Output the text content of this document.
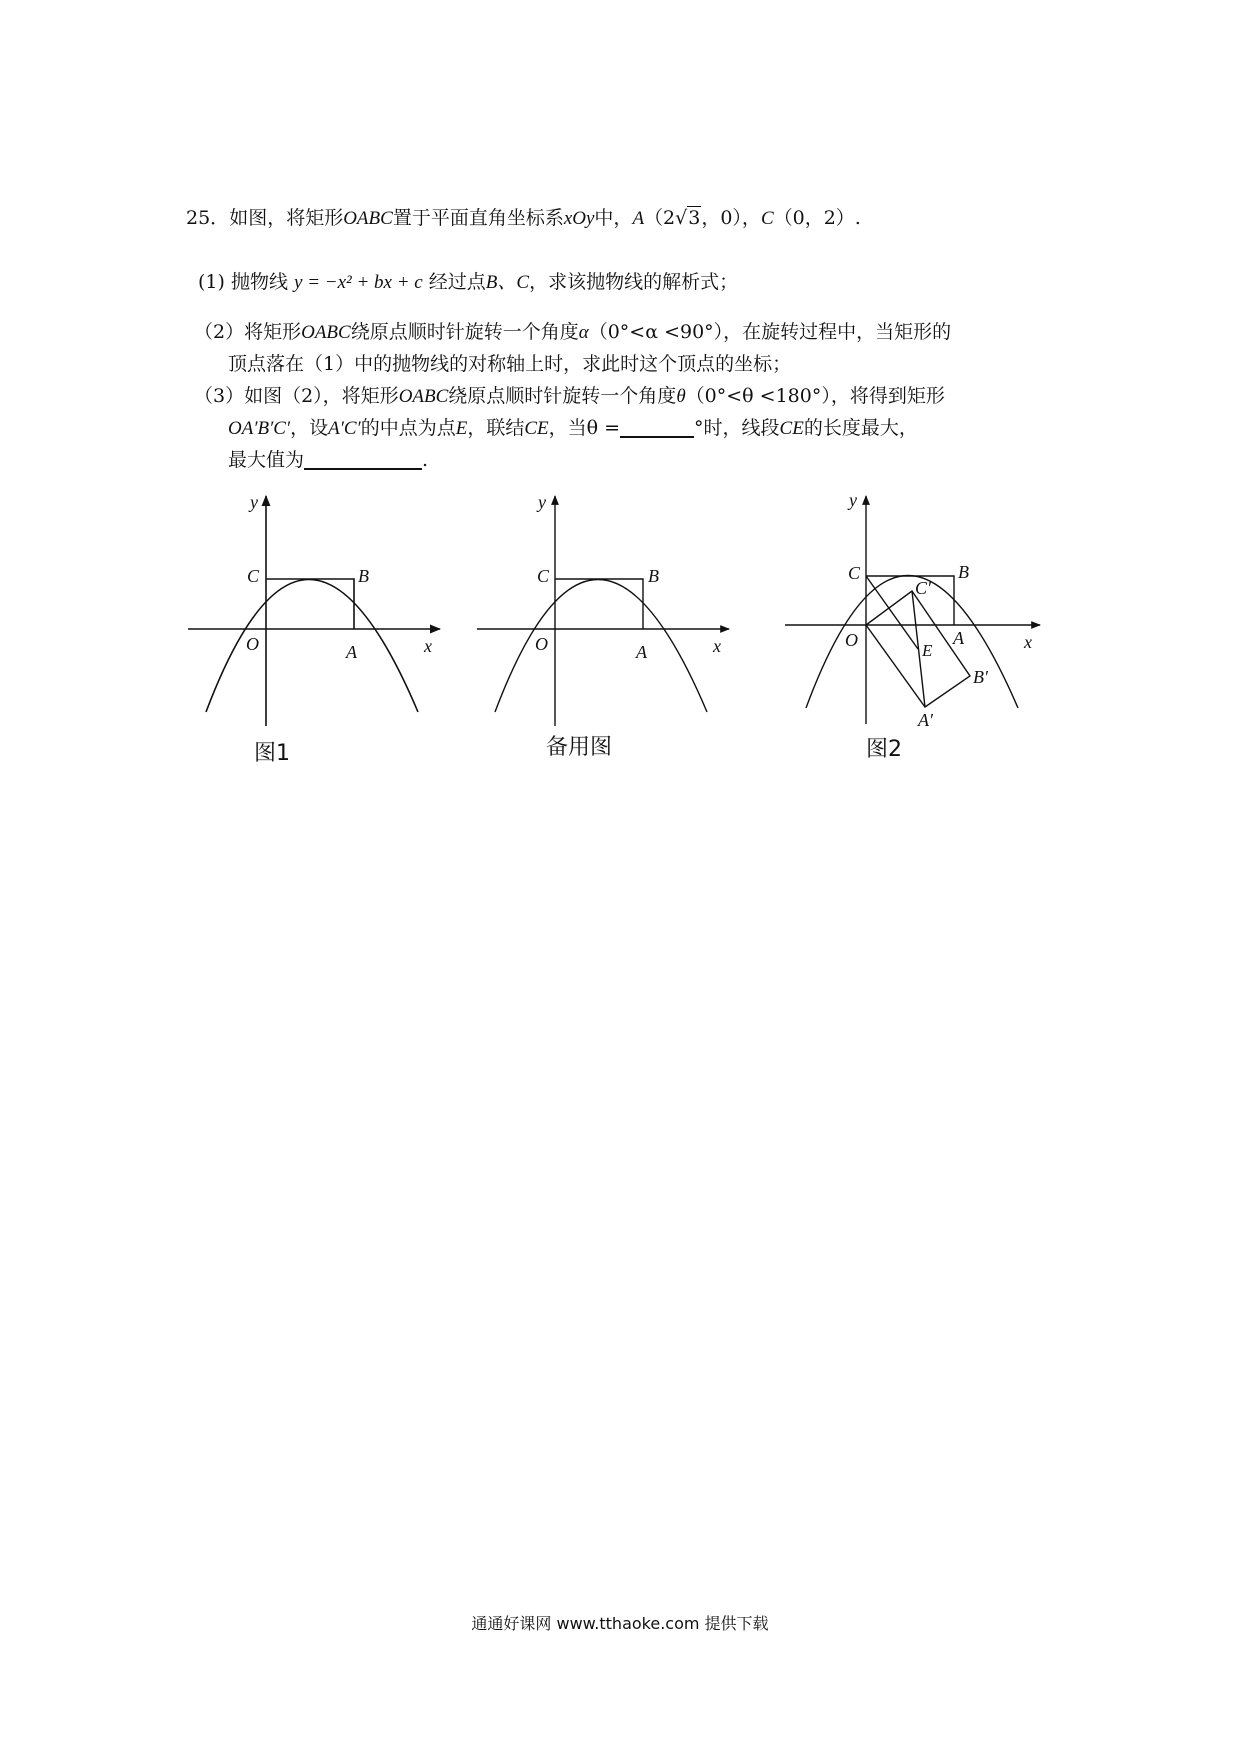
25．如图，将矩形OABC置于平面直角坐标系xOy中，A（2√3，0），C（0，2）.
(1) 抛物线 y = −x² + bx + c 经过点B、C，求该抛物线的解析式；
（2）将矩形OABC绕原点顺时针旋转一个角度α（0°<α <90°），在旋转过程中，当矩形的
顶点落在（1）中的抛物线的对称轴上时，求此时这个顶点的坐标；
（3）如图（2），将矩形OABC绕原点顺时针旋转一个角度θ（0°<θ <180°），将得到矩形
OA′B′C′，设A′C′的中点为点E，联结CE，当θ =	°时，线段CE的长度最大，
最大值为	.
y
x
O	A
B
C
y
x
O	A
B
C
y
x
O	A
B
C
C′
B′
A′
E
图1	备用图	图2
通通好课网 www.tthaoke.com 提供下载
